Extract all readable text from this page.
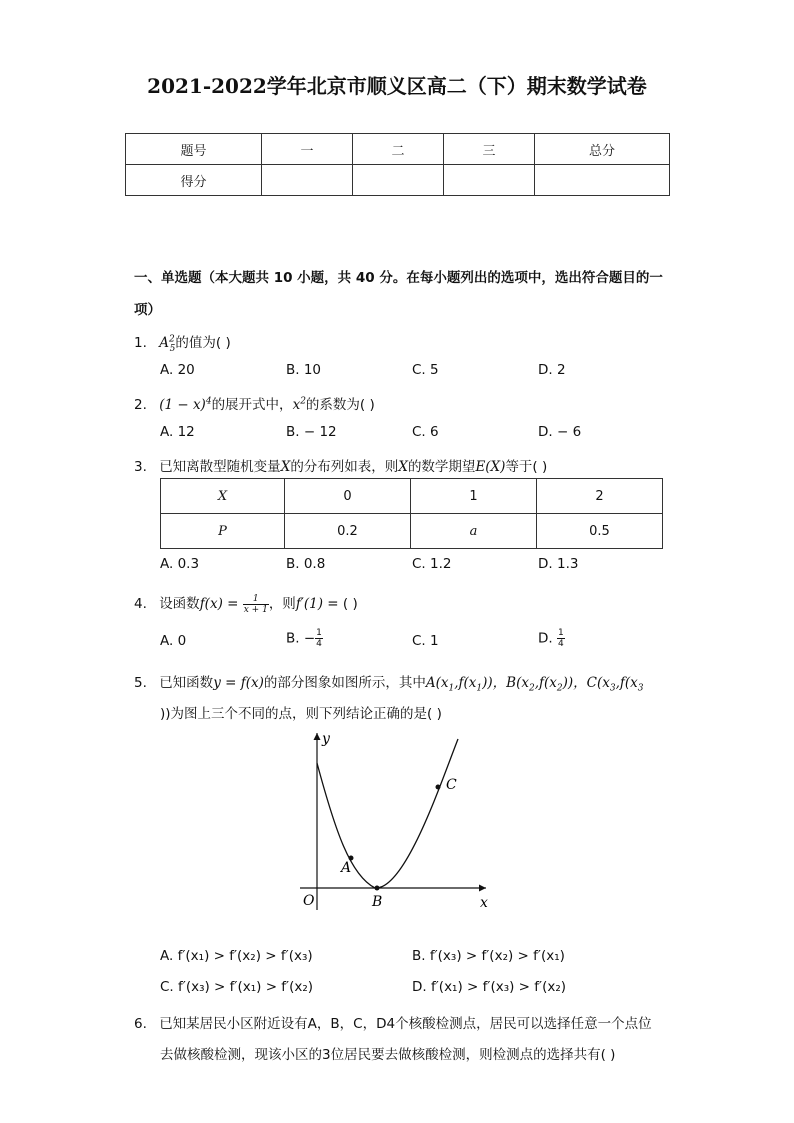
2021-2022学年北京市顺义区高二（下）期末数学试卷
题号	一	二	三	总分
得分				
一、单选题（本大题共 10 小题，共 40 分。在每小题列出的选项中，选出符合题目的一
项）
1. $A^2_5$的值为( )
A. 20	B. 10	C. 5	D. 2
2. $(1 - x)^4$的展开式中，$x^2$的系数为( )
A. 12	B. − 12	C. 6	D. − 6
3. 已知离散型随机变量X的分布列如表，则X的数学期望E(X)等于( )
X	0	1	2
P	0.2	a	0.5
A. 0.3	B. 0.8	C. 1.2	D. 1.3
4. 设函数$f(x) = \frac{1}{x + 1}$ ，则f′(1) = ( )
A. 0	B. − $\frac{1}{4}$	C. 1	D. $\frac{1}{4}$
5. 已知函数y = f(x)的部分图象如图所示，其中$A(x_1,f(x_1))$，$B(x_2,f(x_2))$，$C(x_3,f(x_3$
))为图上三个不同的点，则下列结论正确的是( )
y
x
O
A
B
C
A. f′(x₁) > f′(x₂) > f′(x₃)	B. f′(x₃) > f′(x₂) > f′(x₁)
C. f′(x₃) > f′(x₁) > f′(x₂)	D. f′(x₁) > f′(x₃) > f′(x₂)
6. 已知某居民小区附近设有A，B，C，D4个核酸检测点，居民可以选择任意一个点位
去做核酸检测，现该小区的3位居民要去做核酸检测，则检测点的选择共有( )
